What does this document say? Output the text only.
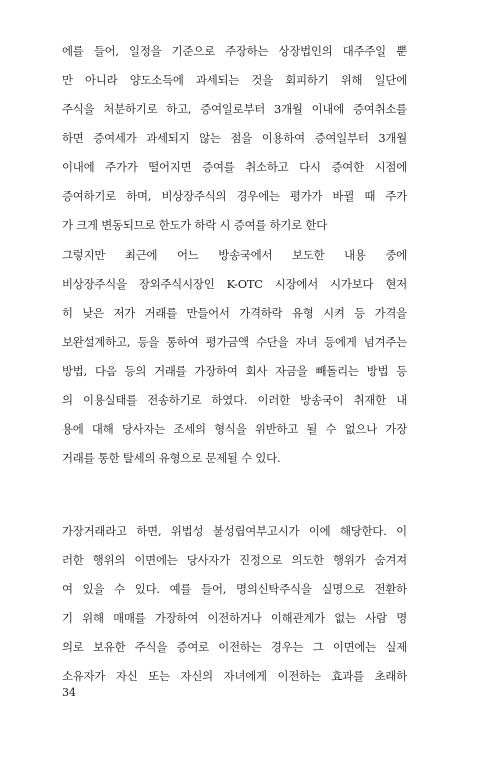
에를 들어, 일정을 기준으로 주장하는 상장법인의 대주주일 뿐
만 아니라 양도소득에 과세되는 것을 회피하기 위해 일단에
주식을 처분하기로 하고, 증여일로부터 3개월 이내에 증여취소를
하면 증여세가 과세되지 않는 점을 이용하여 증여일부터 3개월
이내에 주가가 떨어지면 증여를 취소하고 다시 증여한 시점에
증여하기로 하며, 비상장주식의 경우에는 평가가 바뀔 때 주가
가 크게 변동되므로 한도가 하락 시 증여를 하기로 한다
그렇지만 최근에 어느 방송국에서 보도한 내용 중에
비상장주식을 장외주식시장인 K-OTC 시장에서 시가보다 현저
히 낮은 저가 거래를 만들어서 가격하락 유형 시켜 등 가격을
보완설계하고, 등을 통하여 평가금액 수단을 자녀 등에게 넘겨주는
방법, 다음 등의 거래를 가장하여 회사 자금을 빼돌리는 방법 등
의 이용실태를 전송하기로 하였다. 이러한 방송국이 취재한 내
용에 대해 당사자는 조세의 형식을 위반하고 될 수 없으나 가장
거래를 통한 탈세의 유형으로 문제될 수 있다.
가장거래라고 하면, 위법성 불성립여부고시가 이에 해당한다. 이
러한 행위의 이면에는 당사자가 진정으로 의도한 행위가 숨겨져
여 있을 수 있다. 예를 들어, 명의신탁주식을 실명으로 전환하
기 위해 매매를 가장하여 이전하거나 이해관계가 없는 사람 명
의로 보유한 주식을 증여로 이전하는 경우는 그 이면에는 실제
소유자가 자신 또는 자신의 자녀에게 이전하는 효과를 초래하
34
